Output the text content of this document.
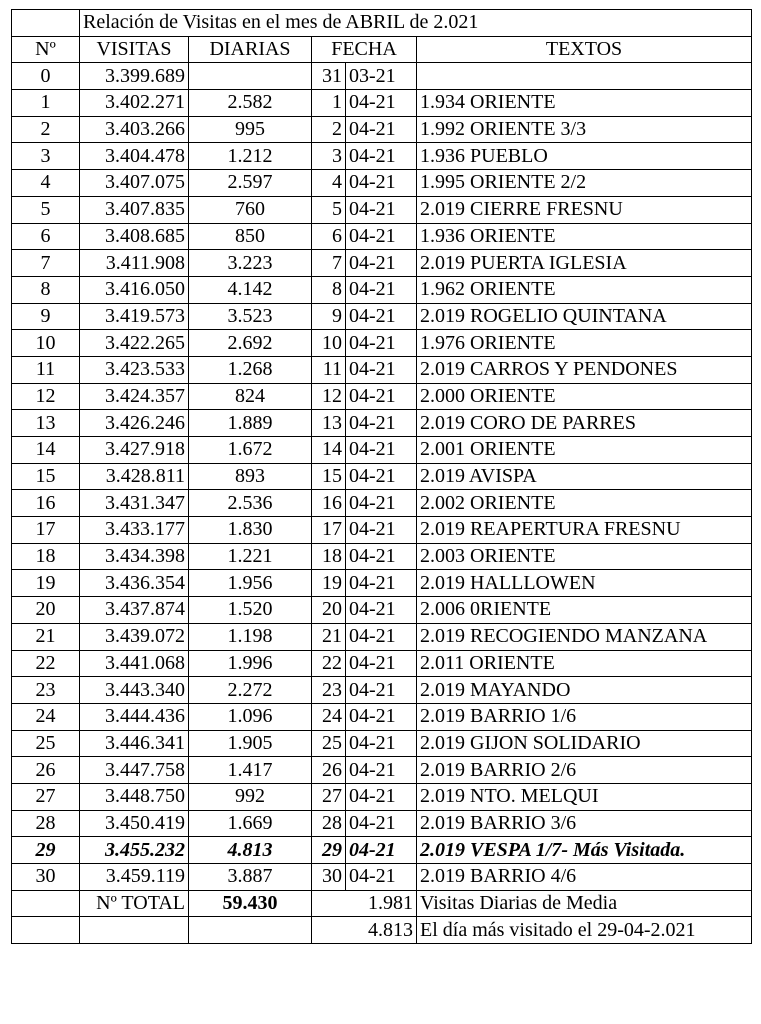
	Relación de Visitas en el mes de ABRIL de 2.021				
Nº	VISITAS	DIARIAS	FECHA		TEXTOS
0	3.399.689		31	03-21	
1	3.402.271	2.582	1	04-21	1.934 ORIENTE
2	3.403.266	995	2	04-21	1.992 ORIENTE 3/3
3	3.404.478	1.212	3	04-21	1.936 PUEBLO
4	3.407.075	2.597	4	04-21	1.995 ORIENTE 2/2
5	3.407.835	760	5	04-21	2.019 CIERRE FRESNU
6	3.408.685	850	6	04-21	1.936 ORIENTE
7	3.411.908	3.223	7	04-21	2.019 PUERTA IGLESIA
8	3.416.050	4.142	8	04-21	1.962 ORIENTE
9	3.419.573	3.523	9	04-21	2.019 ROGELIO QUINTANA
10	3.422.265	2.692	10	04-21	1.976 ORIENTE
11	3.423.533	1.268	11	04-21	2.019 CARROS Y PENDONES
12	3.424.357	824	12	04-21	2.000 ORIENTE
13	3.426.246	1.889	13	04-21	2.019 CORO DE PARRES
14	3.427.918	1.672	14	04-21	2.001 ORIENTE
15	3.428.811	893	15	04-21	2.019 AVISPA
16	3.431.347	2.536	16	04-21	2.002 ORIENTE
17	3.433.177	1.830	17	04-21	2.019 REAPERTURA FRESNU
18	3.434.398	1.221	18	04-21	2.003 ORIENTE
19	3.436.354	1.956	19	04-21	2.019 HALLLOWEN
20	3.437.874	1.520	20	04-21	2.006 0RIENTE
21	3.439.072	1.198	21	04-21	2.019 RECOGIENDO MANZANA
22	3.441.068	1.996	22	04-21	2.011 ORIENTE
23	3.443.340	2.272	23	04-21	2.019 MAYANDO
24	3.444.436	1.096	24	04-21	2.019 BARRIO 1/6
25	3.446.341	1.905	25	04-21	2.019 GIJON SOLIDARIO
26	3.447.758	1.417	26	04-21	2.019 BARRIO 2/6
27	3.448.750	992	27	04-21	2.019 NTO. MELQUI
28	3.450.419	1.669	28	04-21	2.019 BARRIO 3/6
29	3.455.232	4.813	29	04-21	2.019 VESPA 1/7- Más Visitada.
30	3.459.119	3.887	30	04-21	2.019 BARRIO 4/6
	Nº TOTAL	59.430	1.981		Visitas Diarias de Media
			4.813		El día más visitado el 29-04-2.021
